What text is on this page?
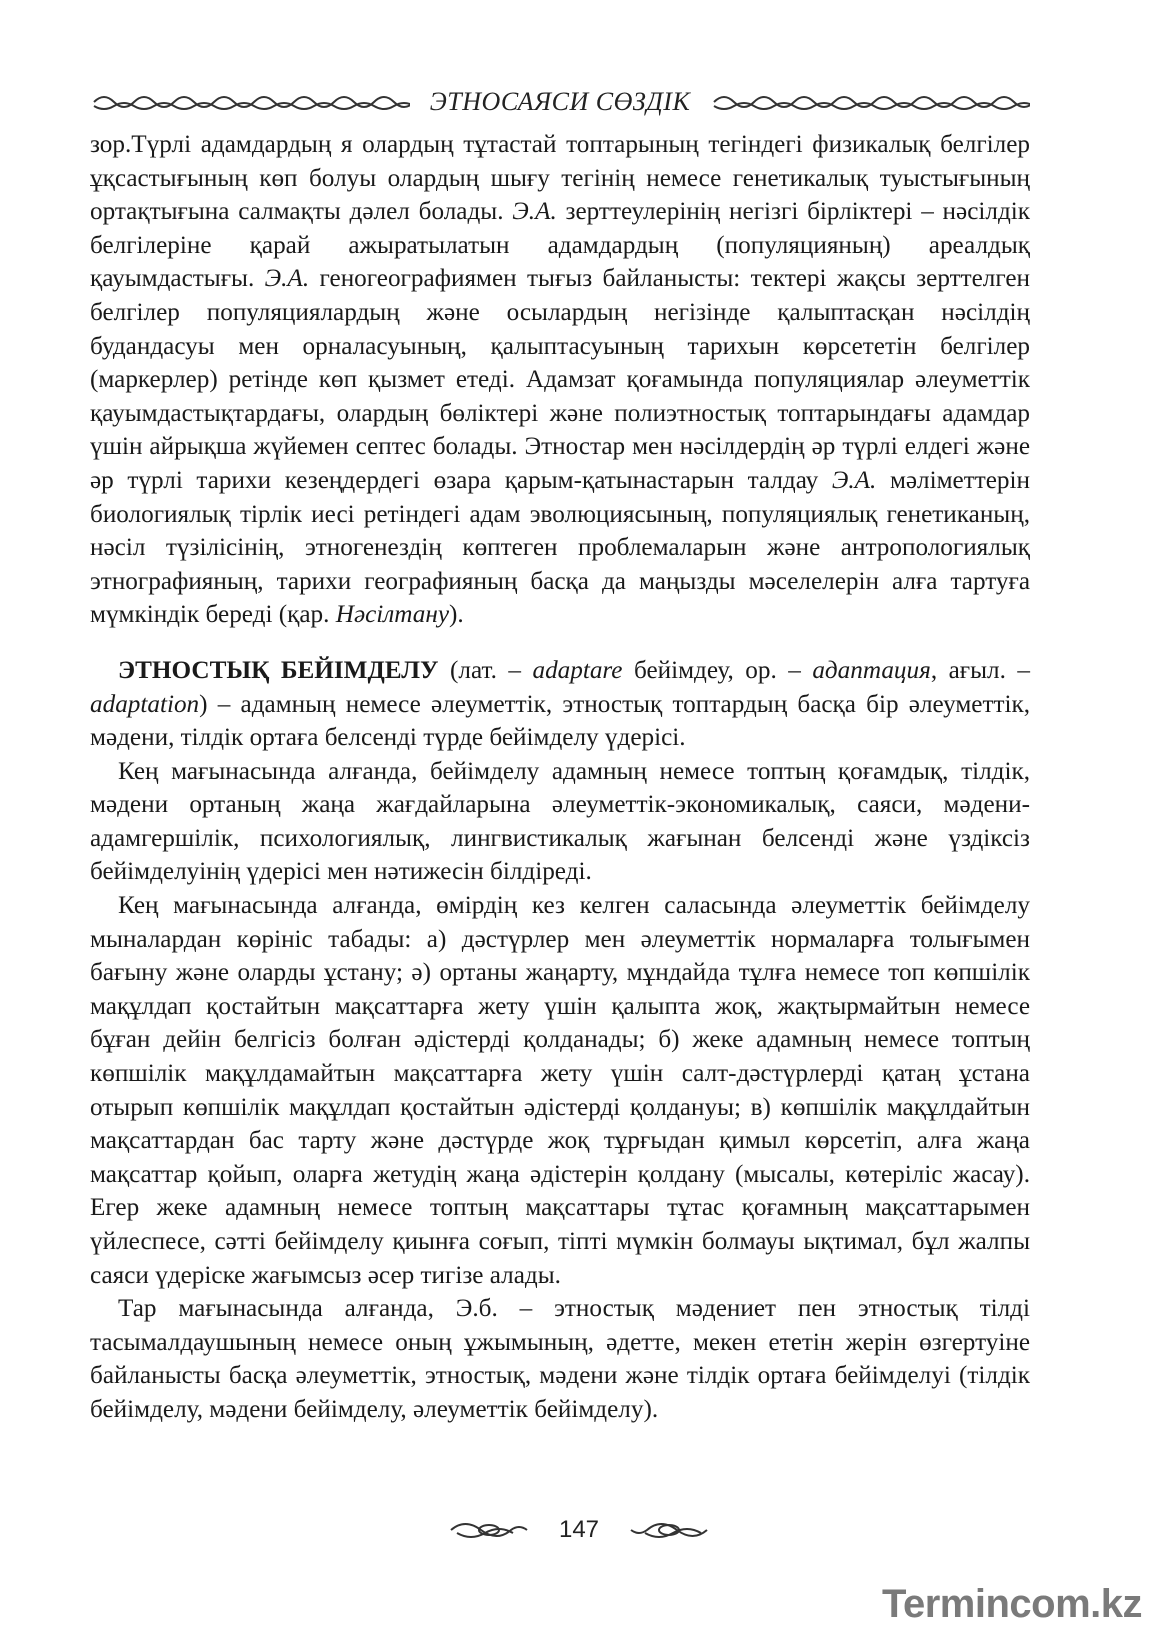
ЭТНОСАЯСИ СӨЗДІК

зор.Түрлі адамдардың я олардың тұтастай топтарының тегіндегі физикалық белгілер ұқсастығының көп болуы олардың шығу тегінің немесе генетикалық туыстығының ортақтығына салмақты дәлел болады. Э.А. зерттеулерінің негізгі бірліктері – нәсілдік белгілеріне қарай ажыратылатын адамдардың (популяцияның) ареалдық қауымдастығы. Э.А. геногеографиямен тығыз байланысты: тектері жақсы зерттелген белгілер популяциялардың және осылардың негізінде қалыптасқан нәсілдің будандасуы мен орналасуының, қалыптасуының тарихын көрсететін белгілер (маркерлер) ретінде көп қызмет етеді. Адамзат қоғамында популяциялар әлеуметтік қауымдастықтардағы, олардың бөліктері және полиэтностық топтарындағы адамдар үшін айрықша жүйемен септес болады. Этностар мен нәсілдердің әр түрлі елдегі және әр түрлі тарихи кезеңдердегі өзара қарым-қатынастарын талдау Э.А. мәліметтерін биологиялық тірлік иесі ретіндегі адам эволюциясының, популяциялық генетиканың, нәсіл түзілісінің, этногенездің көптеген проблемаларын және антропологиялық этнографияның, тарихи географияның басқа да маңызды мәселелерін алға тартуға мүмкіндік береді (қар. Нәсілтану).

ЭТНОСТЫҚ БЕЙІМДЕЛУ (лат. – adaptare бейімдеу, ор. – адаптация, ағыл. – adaptation) – адамның немесе әлеуметтік, этностық топтардың басқа бір әлеуметтік, мәдени, тілдік ортаға белсенді түрде бейімделу үдерісі.

Кең мағынасында алғанда, бейімделу адамның немесе топтың қоғамдық, тілдік, мәдени ортаның жаңа жағдайларына әлеуметтік-экономикалық, саяси, мәдени-адамгершілік, психологиялық, лингвистикалық жағынан белсенді және үздіксіз бейімделуінің үдерісі мен нәтижесін білдіреді.

Кең мағынасында алғанда, өмірдің кез келген саласында әлеуметтік бейімделу мыналардан көрініс табады: а) дәстүрлер мен әлеуметтік нормаларға толығымен бағыну және оларды ұстану; ә) ортаны жаңарту, мұндайда тұлға немесе топ көпшілік мақұлдап қостайтын мақсаттарға жету үшін қалыпта жоқ, жақтырмайтын немесе бұған дейін белгісіз болған әдістерді қолданады; б) жеке адамның немесе топтың көпшілік мақұлдамайтын мақсаттарға жету үшін салт-дәстүрлерді қатаң ұстана отырып көпшілік мақұлдап қостайтын әдістерді қолдануы; в) көпшілік мақұлдайтын мақсаттардан бас тарту және дәстүрде жоқ тұрғыдан қимыл көрсетіп, алға жаңа мақсаттар қойып, оларға жетудің жаңа әдістерін қолдану (мысалы, көтеріліс жасау). Егер жеке адамның немесе топтың мақсаттары тұтас қоғамның мақсаттарымен үйлеспесе, сәтті бейімделу қиынға соғып, тіпті мүмкін болмауы ықтимал, бұл жалпы саяси үдеріске жағымсыз әсер тигізе алады.

Тар мағынасында алғанда, Э.б. – этностық мәдениет пен этностық тілді тасымалдаушының немесе оның ұжымының, әдетте, мекен ететін жерін өзгертуіне байланысты басқа әлеуметтік, этностық, мәдени және тілдік ортаға бейімделуі (тілдік бейімделу, мәдени бейімделу, әлеуметтік бейімделу).

147
Termincom.kz
